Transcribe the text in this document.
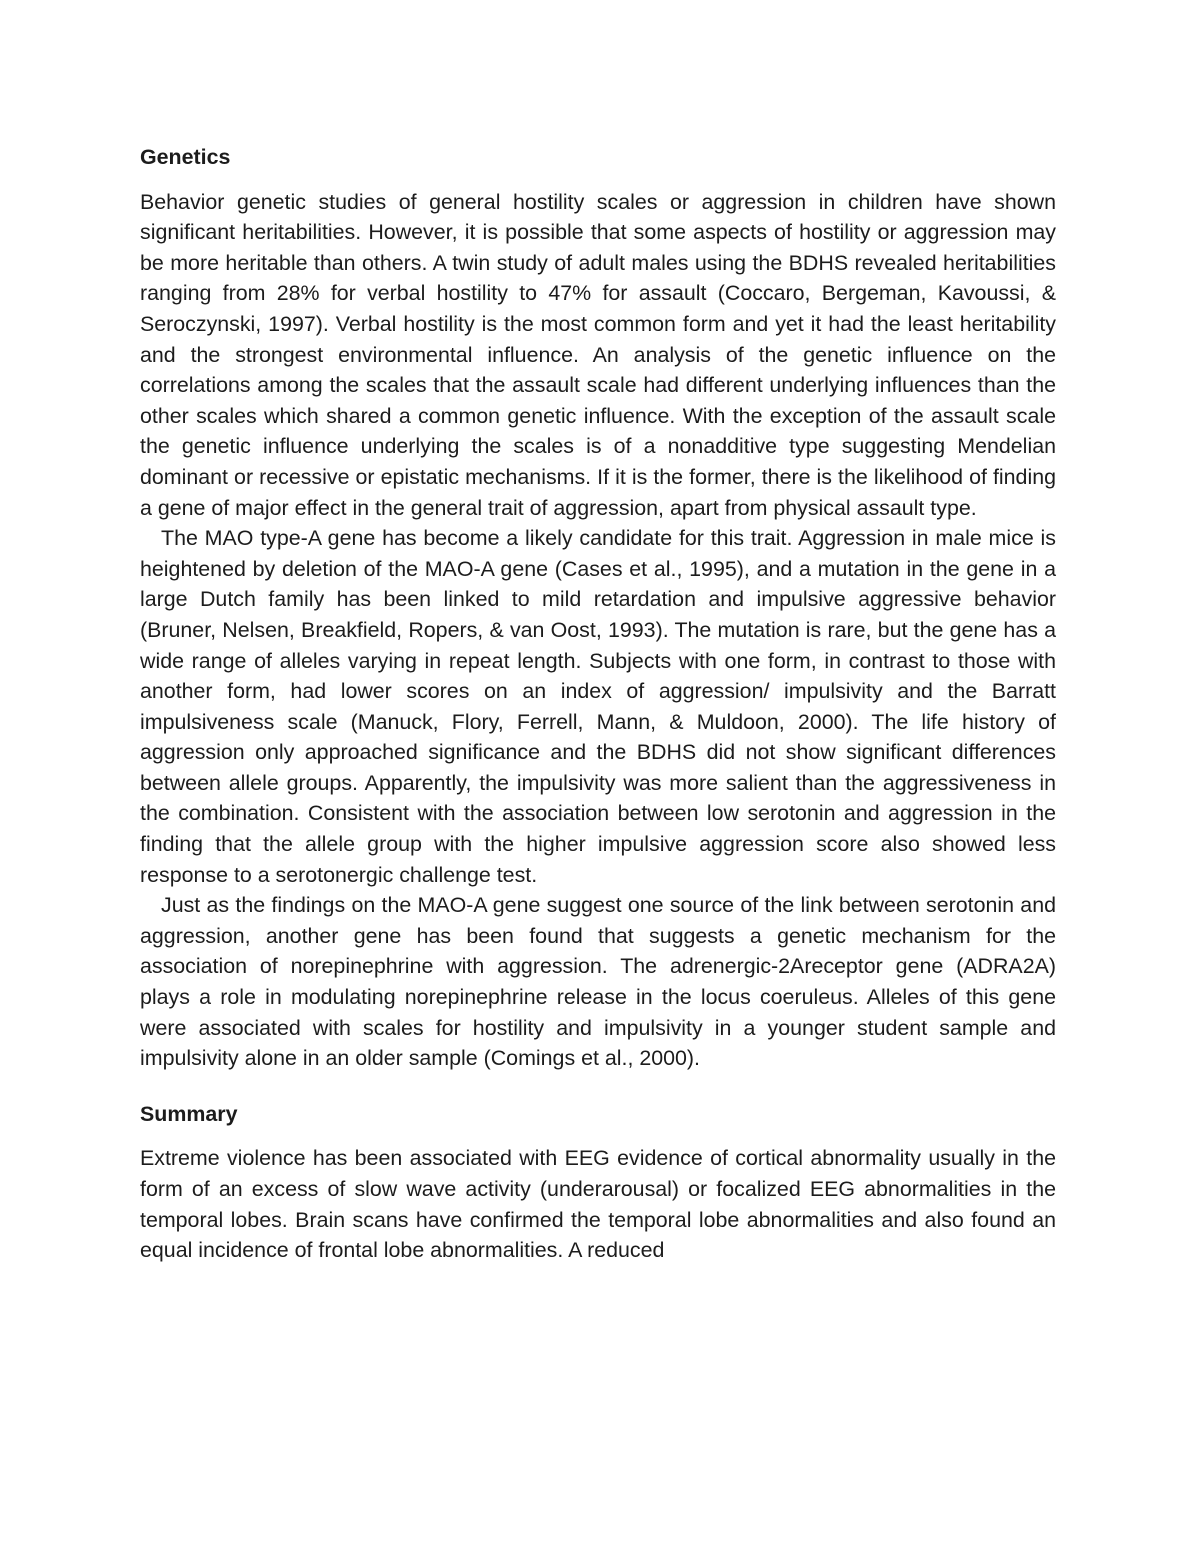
Genetics

Behavior genetic studies of general hostility scales or aggression in children have shown significant heritabilities. However, it is possible that some aspects of hostility or aggression may be more heritable than others. A twin study of adult males using the BDHS revealed heritabilities ranging from 28% for verbal hostility to 47% for assault (Coccaro, Bergeman, Kavoussi, & Seroczynski, 1997). Verbal hostility is the most common form and yet it had the least heritability and the strongest environmental influence. An analysis of the genetic influence on the correlations among the scales that the assault scale had different underlying influences than the other scales which shared a common genetic influence. With the exception of the assault scale the genetic influence underlying the scales is of a nonadditive type suggesting Mendelian dominant or recessive or epistatic mechanisms. If it is the former, there is the likelihood of finding a gene of major effect in the general trait of aggression, apart from physical assault type.

The MAO type-A gene has become a likely candidate for this trait. Aggression in male mice is heightened by deletion of the MAO-A gene (Cases et al., 1995), and a mutation in the gene in a large Dutch family has been linked to mild retardation and impulsive aggressive behavior (Bruner, Nelsen, Breakfield, Ropers, & van Oost, 1993). The mutation is rare, but the gene has a wide range of alleles varying in repeat length. Subjects with one form, in contrast to those with another form, had lower scores on an index of aggression/ impulsivity and the Barratt impulsiveness scale (Manuck, Flory, Ferrell, Mann, & Muldoon, 2000). The life history of aggression only approached significance and the BDHS did not show significant differences between allele groups. Apparently, the impulsivity was more salient than the aggressiveness in the combination. Consistent with the association between low serotonin and aggression in the finding that the allele group with the higher impulsive aggression score also showed less response to a serotonergic challenge test.

Just as the findings on the MAO-A gene suggest one source of the link between serotonin and aggression, another gene has been found that suggests a genetic mechanism for the association of norepinephrine with aggression. The adrenergic-2Areceptor gene (ADRA2A) plays a role in modulating norepinephrine release in the locus coeruleus. Alleles of this gene were associated with scales for hostility and impulsivity in a younger student sample and impulsivity alone in an older sample (Comings et al., 2000).

Summary

Extreme violence has been associated with EEG evidence of cortical abnormality usually in the form of an excess of slow wave activity (underarousal) or focalized EEG abnormalities in the temporal lobes. Brain scans have confirmed the temporal lobe abnormalities and also found an equal incidence of frontal lobe abnormalities. A reduced
